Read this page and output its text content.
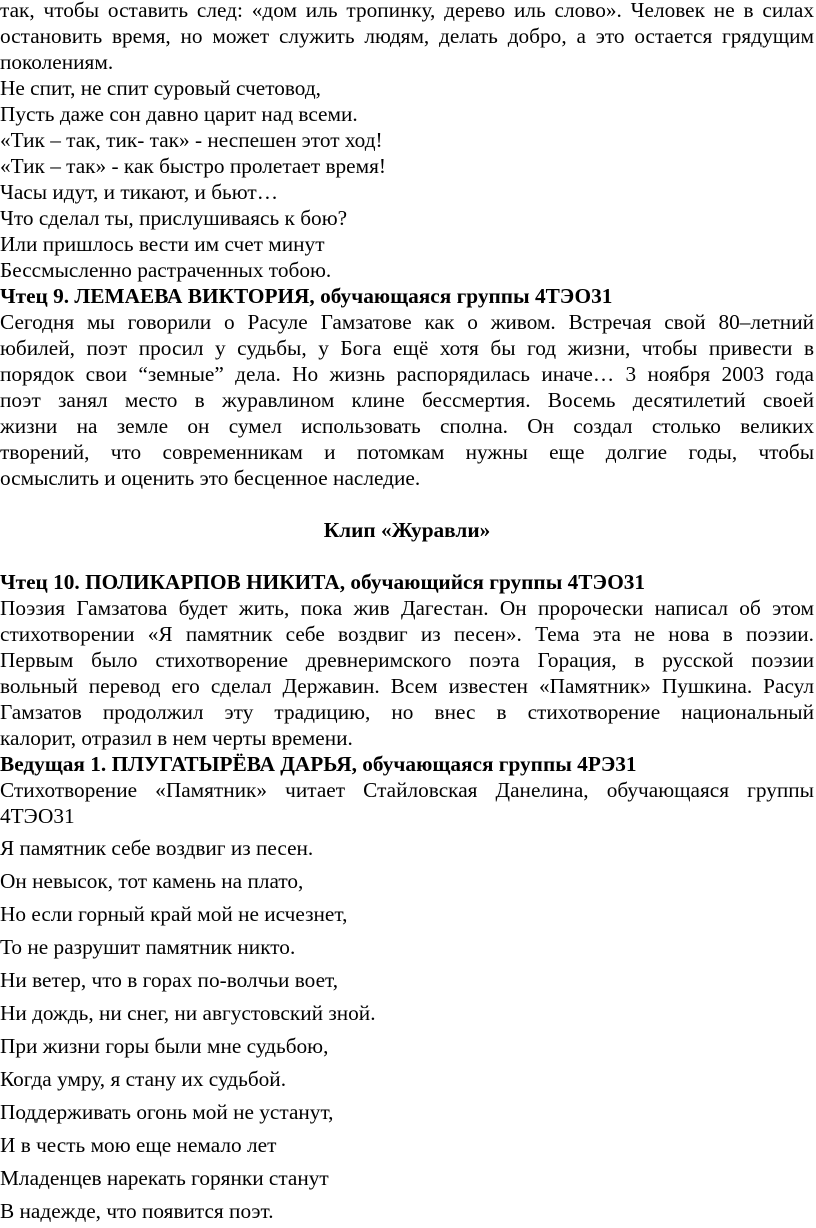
так, чтобы оставить след: «дом иль тропинку, дерево иль слово». Человек не в силах

остановить время, но может служить людям, делать добро, а это остается грядущим

поколениям.

Не спит, не спит суровый счетовод,

Пусть даже сон давно царит над всеми.

«Тик – так, тик- так» - неспешен этот ход!

«Тик – так» - как быстро пролетает время!

Часы идут, и тикают, и бьют…

Что сделал ты, прислушиваясь к бою?

Или пришлось вести им счет минут

Бессмысленно растраченных тобою.

Чтец 9. ЛЕМАЕВА ВИКТОРИЯ, обучающаяся группы 4ТЭО31

Сегодня мы говорили о Расуле Гамзатове как о живом. Встречая свой 80–летний

юбилей, поэт просил у судьбы, у Бога ещё хотя бы год жизни, чтобы привести в

порядок свои “земные” дела. Но жизнь распорядилась иначе… 3 ноября 2003 года

поэт занял место в журавлином клине бессмертия. Восемь десятилетий своей

жизни на земле он сумел использовать сполна. Он создал столько великих

творений, что современникам и потомкам нужны еще долгие годы, чтобы

осмыслить и оценить это бесценное наследие.

Клип «Журавли»

Чтец 10. ПОЛИКАРПОВ НИКИТА, обучающийся группы 4ТЭО31

Поэзия Гамзатова будет жить, пока жив Дагестан. Он пророчески написал об этом

стихотворении «Я памятник себе воздвиг из песен». Тема эта не нова в поэзии.

Первым было стихотворение древнеримского поэта Горация, в русской поэзии

вольный перевод его сделал Державин. Всем известен «Памятник» Пушкина. Расул

Гамзатов продолжил эту традицию, но внес в стихотворение национальный

калорит, отразил в нем черты времени.

Ведущая 1. ПЛУГАТЫРЁВА ДАРЬЯ, обучающаяся группы 4РЭ31

Стихотворение «Памятник» читает Стайловская Данелина, обучающаяся группы

4ТЭО31

Я памятник себе воздвиг из песен.

Он невысок, тот камень на плато,

Но если горный край мой не исчезнет,

То не разрушит памятник никто.

Ни ветер, что в горах по-волчьи воет,

Ни дождь, ни снег, ни августовский зной.

При жизни горы были мне судьбою,

Когда умру, я стану их судьбой.

Поддерживать огонь мой не устанут,

И в честь мою еще немало лет

Младенцев нарекать горянки станут

В надежде, что появится поэт.
